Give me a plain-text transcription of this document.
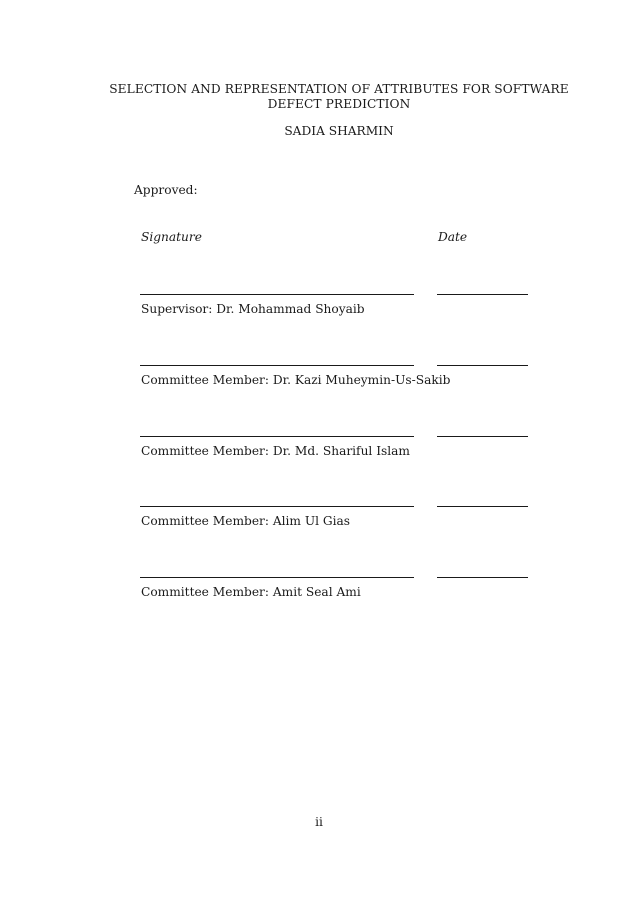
SELECTION AND REPRESENTATION OF ATTRIBUTES FOR SOFTWARE
DEFECT PREDICTION
SADIA SHARMIN
Approved:
Signature	Date
Supervisor: Dr. Mohammad Shoyaib
Committee Member: Dr. Kazi Muheymin-Us-Sakib
Committee Member: Dr. Md. Shariful Islam
Committee Member: Alim Ul Gias
Committee Member: Amit Seal Ami
ii
